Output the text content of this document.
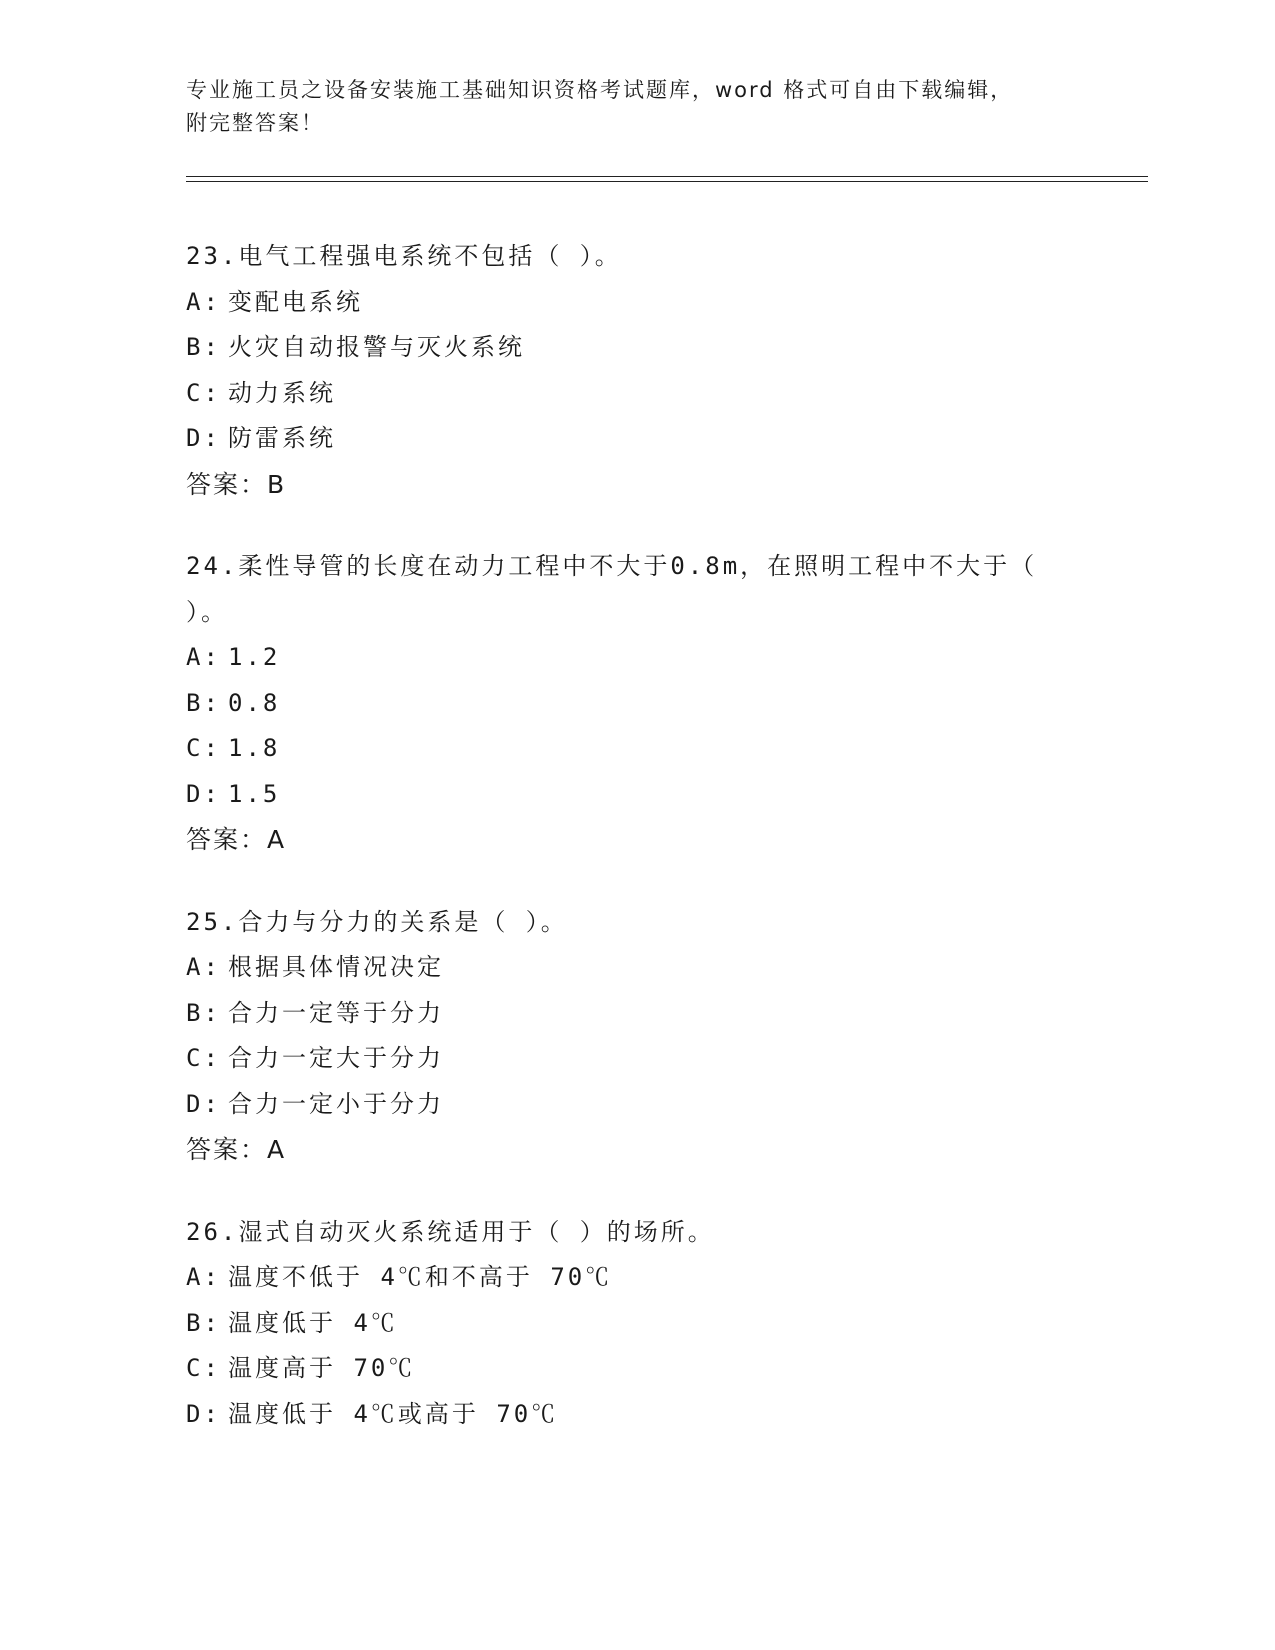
专业施工员之设备安装施工基础知识资格考试题库，word 格式可自由下载编辑，
附完整答案！
23.电气工程强电系统不包括（ ）。
A: 变配电系统
B: 火灾自动报警与灭火系统
C: 动力系统
D: 防雷系统
答案：B
24.柔性导管的长度在动力工程中不大于0.8m，在照明工程中不大于（ ）。
A: 1.2
B: 0.8
C: 1.8
D: 1.5
答案：A
25.合力与分力的关系是（ ）。
A: 根据具体情况决定
B: 合力一定等于分力
C: 合力一定大于分力
D: 合力一定小于分力
答案：A
26.湿式自动灭火系统适用于（ ）的场所。
A: 温度不低于 4℃和不高于 70℃
B: 温度低于 4℃
C: 温度高于 70℃
D: 温度低于 4℃或高于 70℃
